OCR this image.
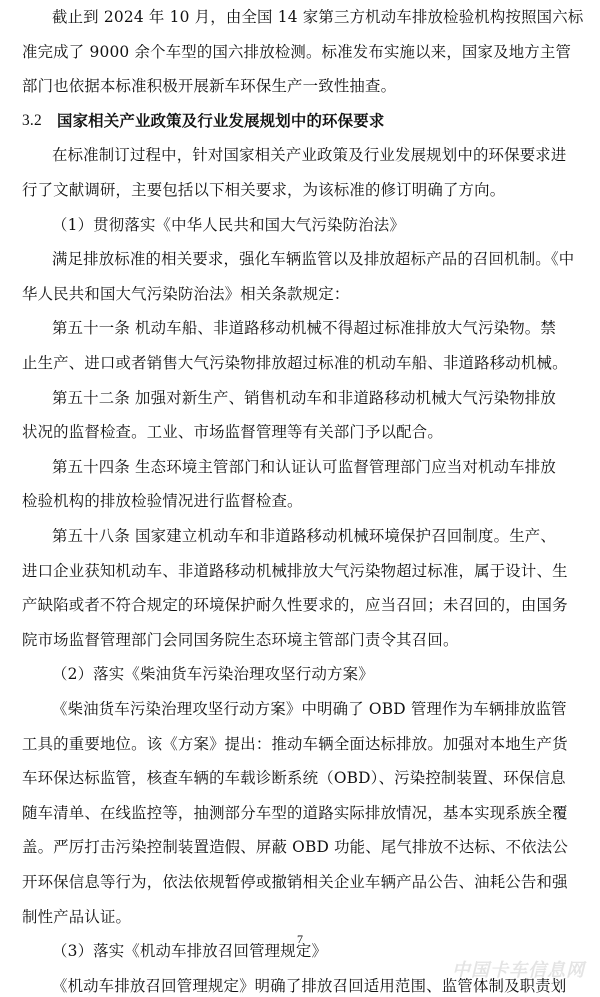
截止到 2024 年 10 月，由全国 14 家第三方机动车排放检验机构按照国六标
准完成了 9000 余个车型的国六排放检测。标准发布实施以来，国家及地方主管
部门也依据本标准积极开展新车环保生产一致性抽查。
3.2 国家相关产业政策及行业发展规划中的环保要求
在标准制订过程中，针对国家相关产业政策及行业发展规划中的环保要求进
行了文献调研，主要包括以下相关要求，为该标准的修订明确了方向。
（1）贯彻落实《中华人民共和国大气污染防治法》
满足排放标准的相关要求，强化车辆监管以及排放超标产品的召回机制。《中
华人民共和国大气污染防治法》相关条款规定：
第五十一条 机动车船、非道路移动机械不得超过标准排放大气污染物。禁
止生产、进口或者销售大气污染物排放超过标准的机动车船、非道路移动机械。
第五十二条 加强对新生产、销售机动车和非道路移动机械大气污染物排放
状况的监督检查。工业、市场监督管理等有关部门予以配合。
第五十四条 生态环境主管部门和认证认可监督管理部门应当对机动车排放
检验机构的排放检验情况进行监督检查。
第五十八条 国家建立机动车和非道路移动机械环境保护召回制度。生产、
进口企业获知机动车、非道路移动机械排放大气污染物超过标准，属于设计、生
产缺陷或者不符合规定的环境保护耐久性要求的，应当召回；未召回的，由国务
院市场监督管理部门会同国务院生态环境主管部门责令其召回。
（2）落实《柴油货车污染治理攻坚行动方案》
《柴油货车污染治理攻坚行动方案》中明确了 OBD 管理作为车辆排放监管
工具的重要地位。该《方案》提出：推动车辆全面达标排放。加强对本地生产货
车环保达标监管，核查车辆的车载诊断系统（OBD）、污染控制装置、环保信息
随车清单、在线监控等，抽测部分车型的道路实际排放情况，基本实现系族全覆
盖。严厉打击污染控制装置造假、屏蔽 OBD 功能、尾气排放不达标、不依法公
开环保信息等行为，依法依规暂停或撤销相关企业车辆产品公告、油耗公告和强
制性产品认证。
（3）落实《机动车排放召回管理规定》
《机动车排放召回管理规定》明确了排放召回适用范围、监管体制及职责划
7
中国卡车信息网
